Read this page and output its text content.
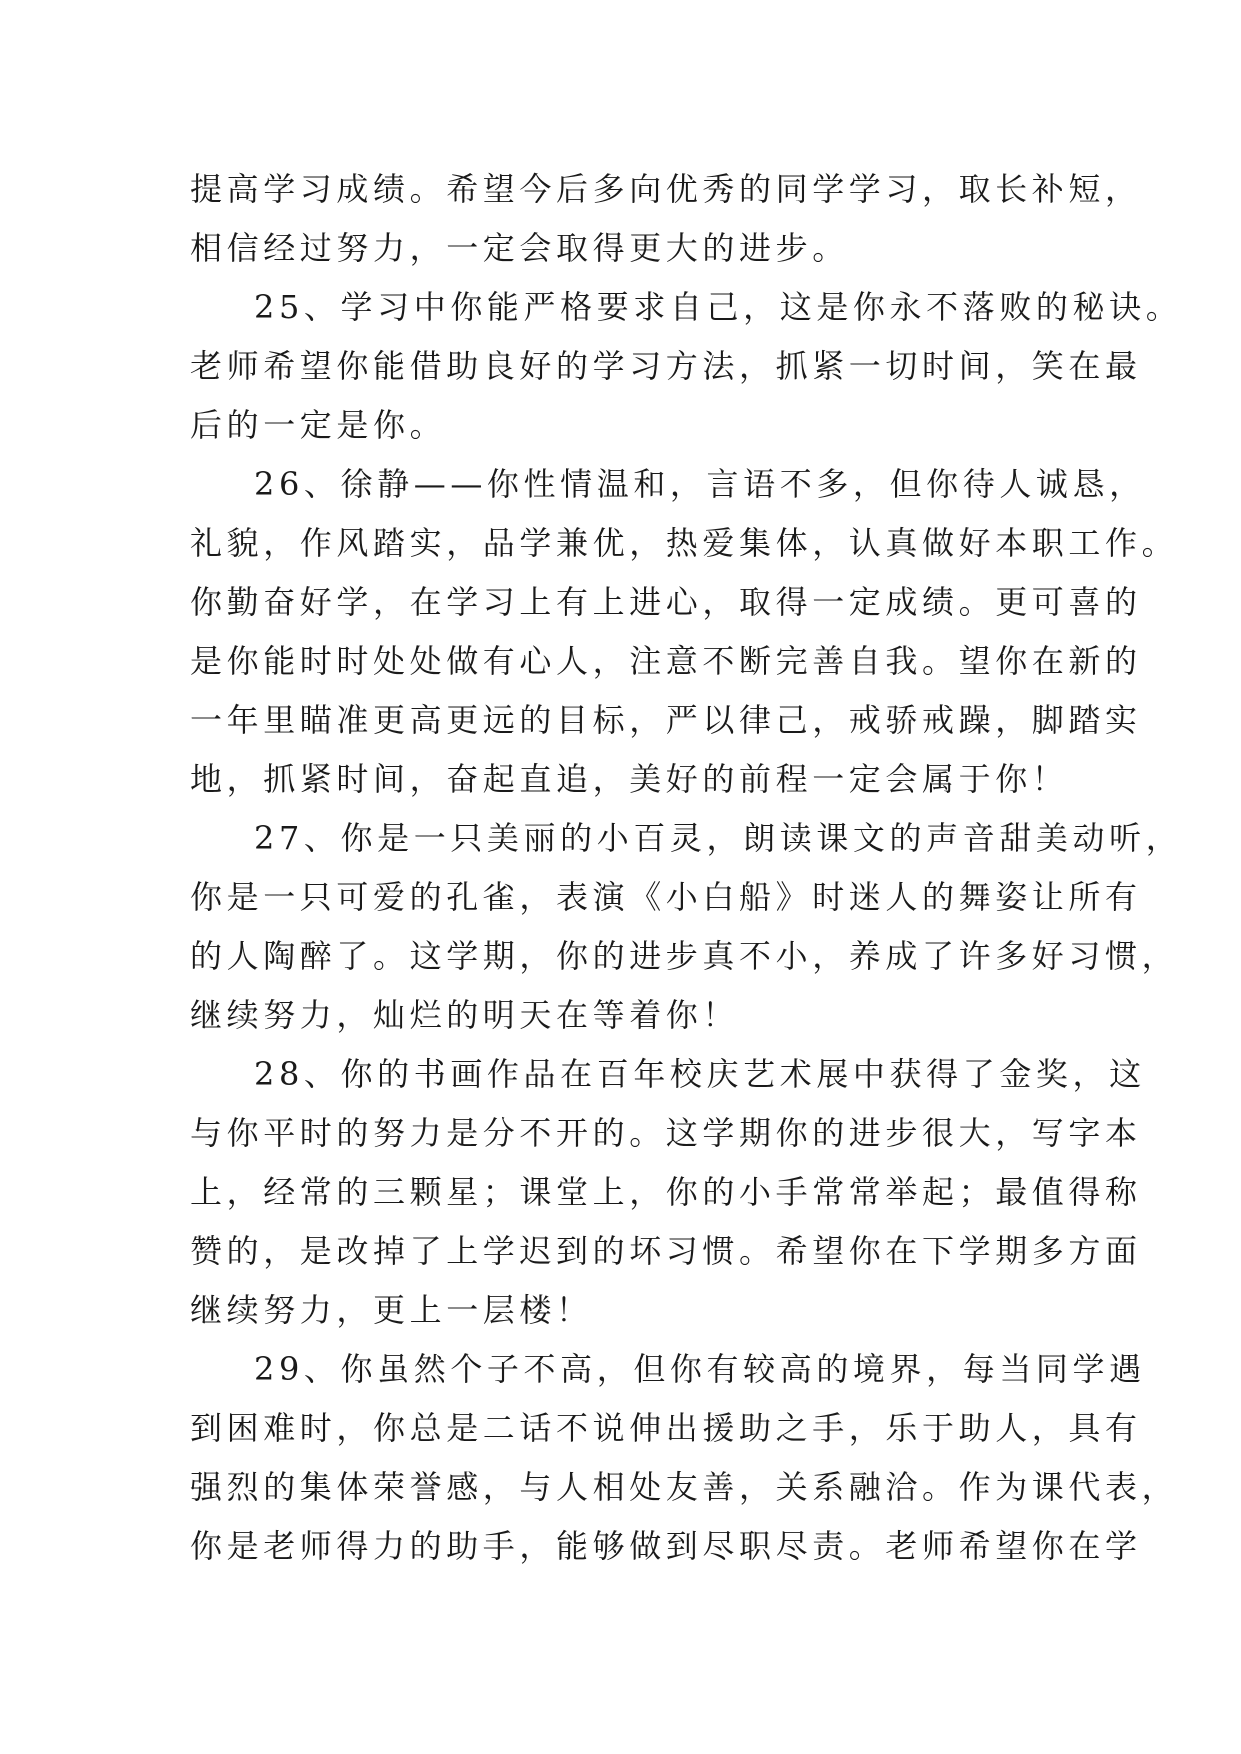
提高学习成绩。希望今后多向优秀的同学学习，取长补短，
相信经过努力，一定会取得更大的进步。
25、学习中你能严格要求自己，这是你永不落败的秘诀。
老师希望你能借助良好的学习方法，抓紧一切时间，笑在最
后的一定是你。
26、徐静——你性情温和，言语不多，但你待人诚恳，
礼貌，作风踏实，品学兼优，热爱集体，认真做好本职工作。
你勤奋好学，在学习上有上进心，取得一定成绩。更可喜的
是你能时时处处做有心人，注意不断完善自我。望你在新的
一年里瞄准更高更远的目标，严以律己，戒骄戒躁，脚踏实
地，抓紧时间，奋起直追，美好的前程一定会属于你！
27、你是一只美丽的小百灵，朗读课文的声音甜美动听，
你是一只可爱的孔雀，表演《小白船》时迷人的舞姿让所有
的人陶醉了。这学期，你的进步真不小，养成了许多好习惯，
继续努力，灿烂的明天在等着你！
28、你的书画作品在百年校庆艺术展中获得了金奖，这
与你平时的努力是分不开的。这学期你的进步很大，写字本
上，经常的三颗星；课堂上，你的小手常常举起；最值得称
赞的，是改掉了上学迟到的坏习惯。希望你在下学期多方面
继续努力，更上一层楼！
29、你虽然个子不高，但你有较高的境界，每当同学遇
到困难时，你总是二话不说伸出援助之手，乐于助人，具有
强烈的集体荣誉感，与人相处友善，关系融洽。作为课代表，
你是老师得力的助手，能够做到尽职尽责。老师希望你在学
